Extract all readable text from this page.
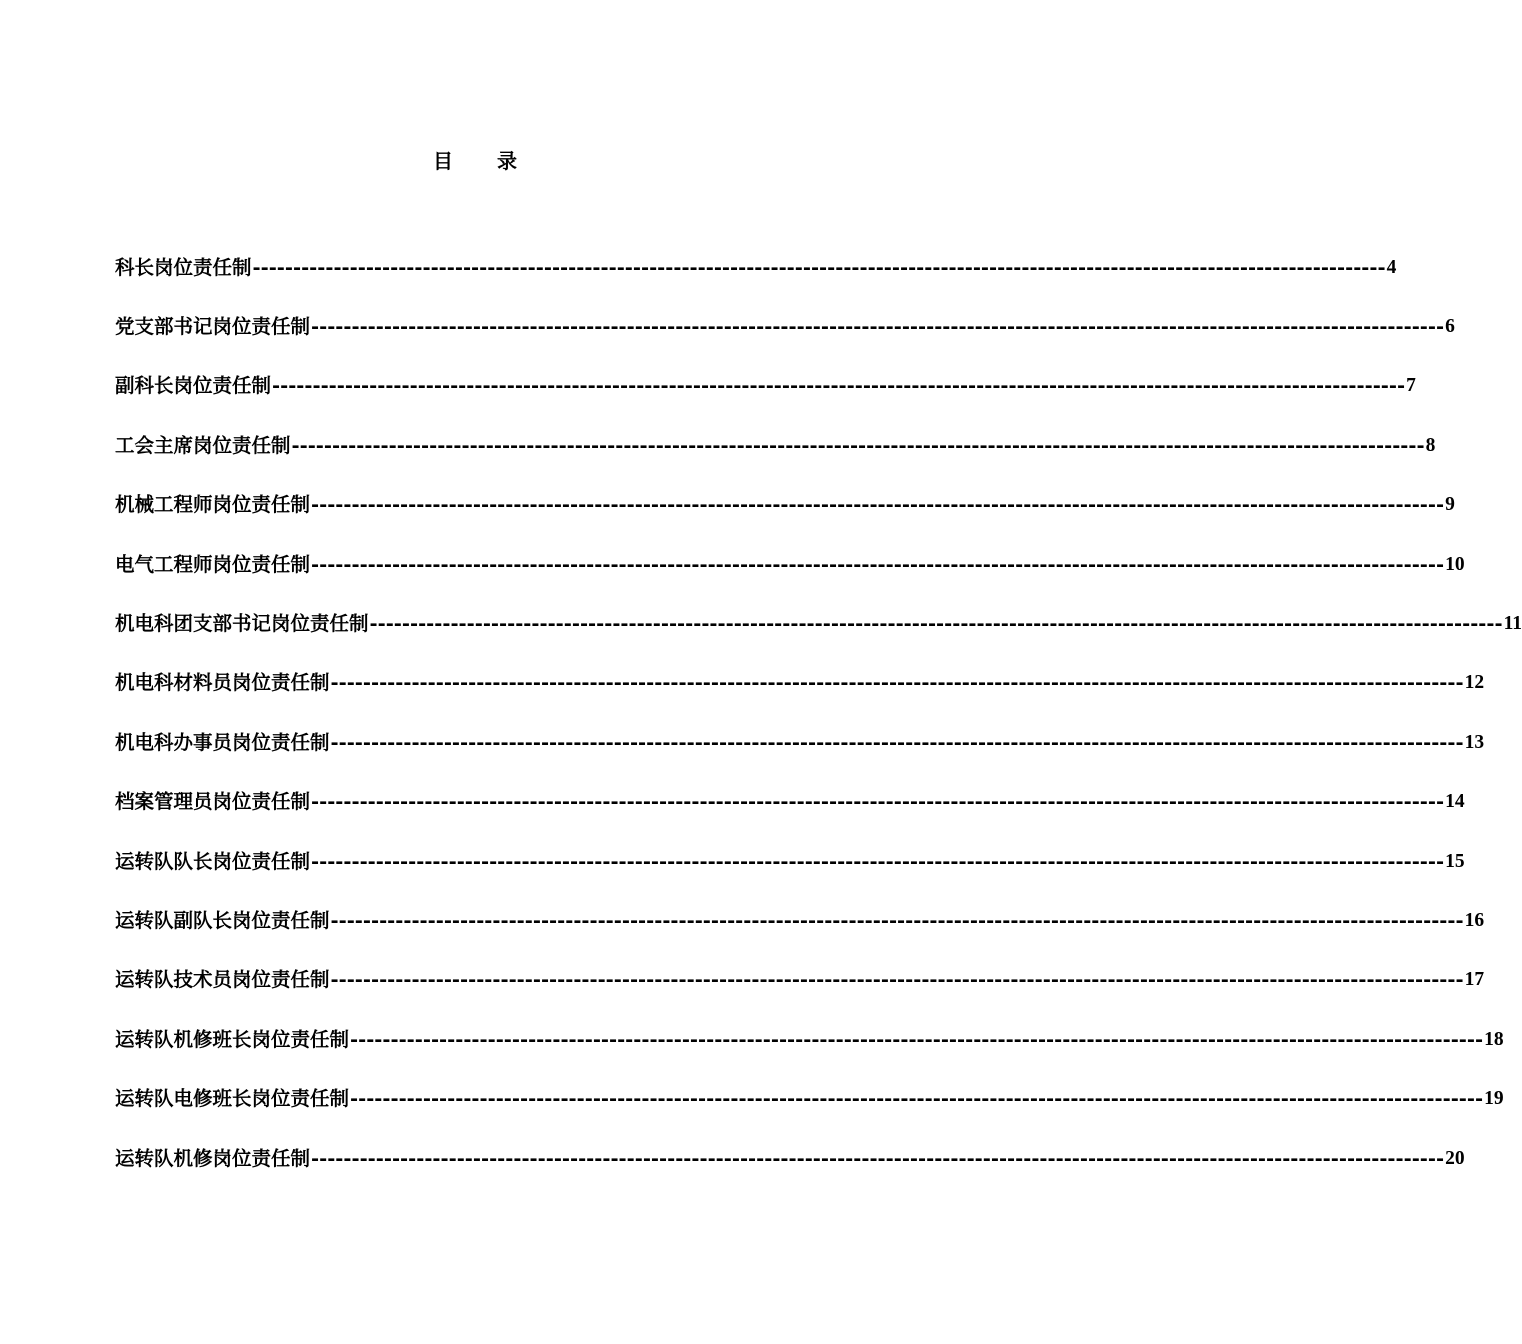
目 录
科长岗位责任制 -------------------------------------------------------------------------------------------------------------------------------------------- 4
党支部书记岗位责任制 -------------------------------------------------------------------------------------------------------------------------------------------- 6
副科长岗位责任制 -------------------------------------------------------------------------------------------------------------------------------------------- 7
工会主席岗位责任制 -------------------------------------------------------------------------------------------------------------------------------------------- 8
机械工程师岗位责任制 -------------------------------------------------------------------------------------------------------------------------------------------- 9
电气工程师岗位责任制 -------------------------------------------------------------------------------------------------------------------------------------------- 10
机电科团支部书记岗位责任制 -------------------------------------------------------------------------------------------------------------------------------------------- 11
机电科材料员岗位责任制 -------------------------------------------------------------------------------------------------------------------------------------------- 12
机电科办事员岗位责任制 -------------------------------------------------------------------------------------------------------------------------------------------- 13
档案管理员岗位责任制 -------------------------------------------------------------------------------------------------------------------------------------------- 14
运转队队长岗位责任制 -------------------------------------------------------------------------------------------------------------------------------------------- 15
运转队副队长岗位责任制 -------------------------------------------------------------------------------------------------------------------------------------------- 16
运转队技术员岗位责任制 -------------------------------------------------------------------------------------------------------------------------------------------- 17
运转队机修班长岗位责任制 -------------------------------------------------------------------------------------------------------------------------------------------- 18
运转队电修班长岗位责任制 -------------------------------------------------------------------------------------------------------------------------------------------- 19
运转队机修岗位责任制 -------------------------------------------------------------------------------------------------------------------------------------------- 20
